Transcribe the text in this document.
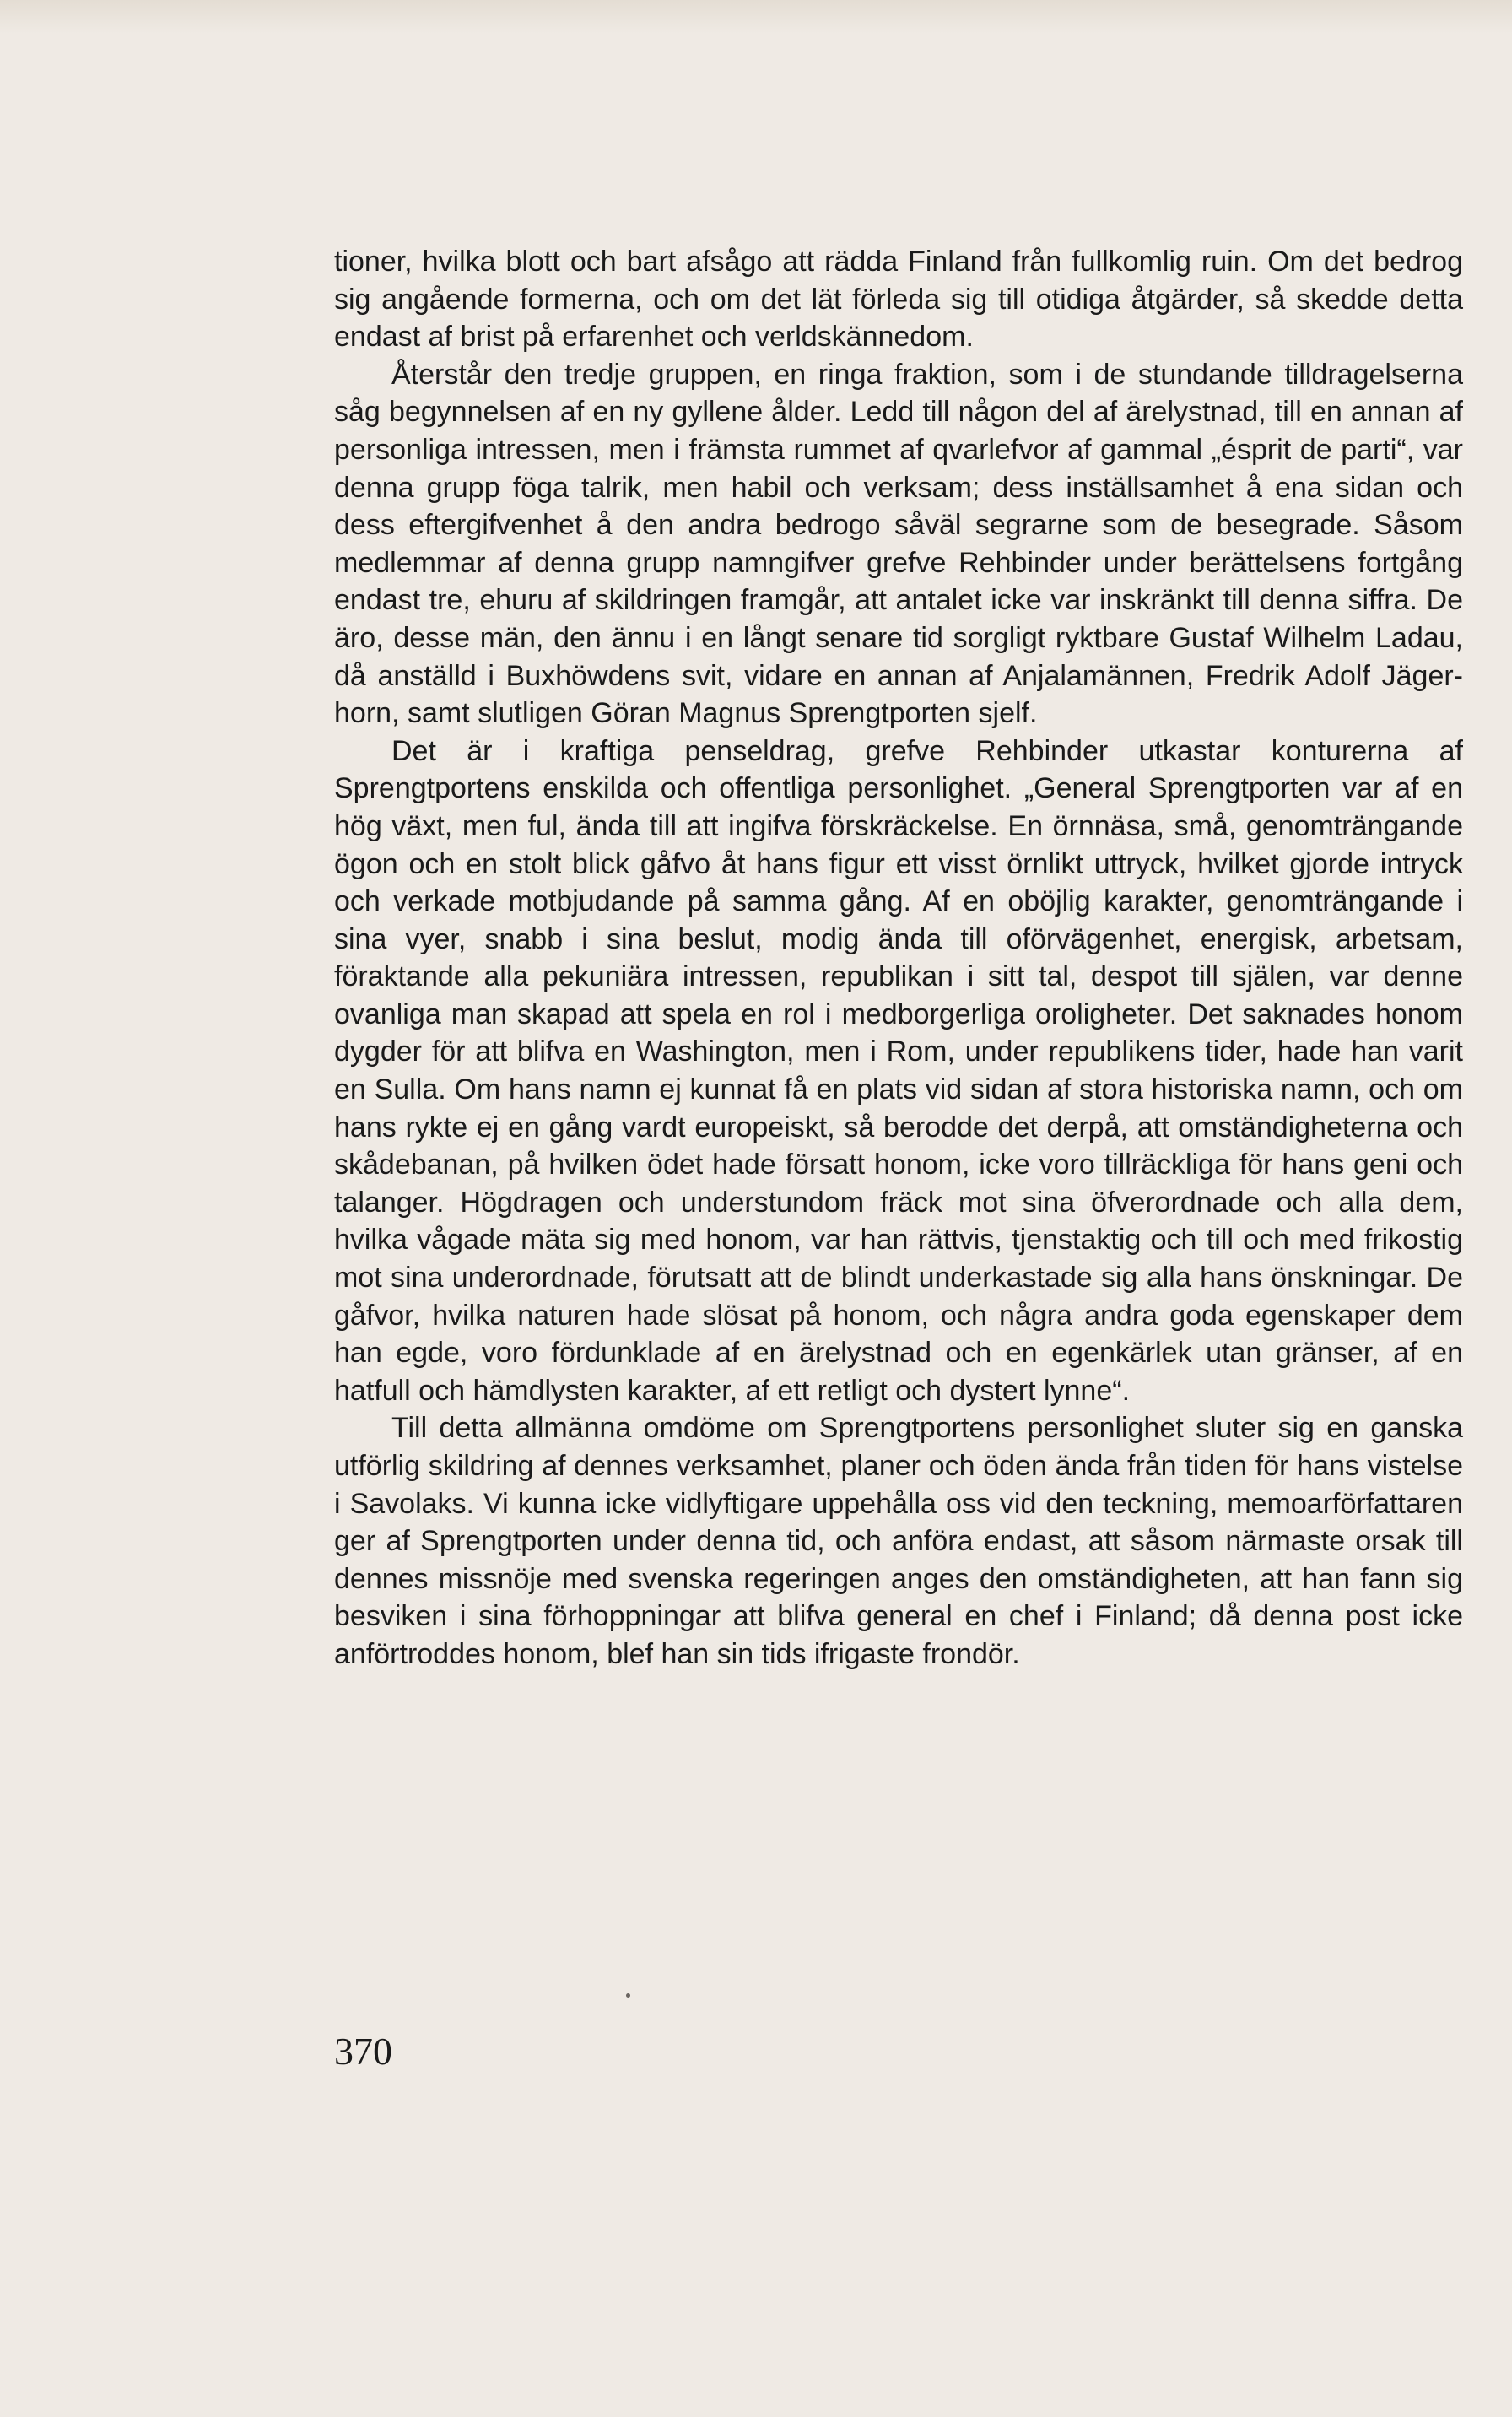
tioner, hvilka blott och bart afsågo att rädda Finland från fullkomlig ruin. Om det bedrog sig angående formerna, och om det lät förleda sig till otidiga åtgärder, så skedde detta endast af brist på erfarenhet och verldskännedom.

Återstår den tredje gruppen, en ringa fraktion, som i de stundande tilldragelserna såg begynnelsen af en ny gyllene ålder. Ledd till någon del af ärelystnad, till en annan af personliga intressen, men i främsta rummet af qvarlefvor af gammal „ésprit de parti“, var denna grupp föga talrik, men habil och verksam; dess inställsamhet å ena sidan och dess eftergifvenhet å den andra bedrogo såväl segrarne som de besegrade. Såsom medlemmar af denna grupp namngifver grefve Rehbinder under berättelsens fortgång endast tre, ehuru af skildringen framgår, att antalet icke var inskränkt till denna siffra. De äro, desse män, den ännu i en långt senare tid sorgligt ryktbare Gustaf Wilhelm Ladau, då anställd i Buxhöwdens svit, vidare en annan af Anjalamännen, Fredrik Adolf Jägerhorn, samt slutligen Göran Magnus Sprengtporten sjelf.

Det är i kraftiga penseldrag, grefve Rehbinder utkastar konturerna af Sprengtportens enskilda och offentliga personlighet. „General Sprengtporten var af en hög växt, men ful, ända till att ingifva förskräckelse. En örnnäsa, små, genomträngande ögon och en stolt blick gåfvo åt hans figur ett visst örnlikt uttryck, hvilket gjorde intryck och verkade motbjudande på samma gång. Af en oböjlig karakter, genomträngande i sina vyer, snabb i sina beslut, modig ända till oförvägenhet, energisk, arbetsam, föraktande alla pekuniära intressen, republikan i sitt tal, despot till själen, var denne ovanliga man skapad att spela en rol i medborgerliga oroligheter. Det saknades honom dygder för att blifva en Washington, men i Rom, under republikens tider, hade han varit en Sulla. Om hans namn ej kunnat få en plats vid sidan af stora historiska namn, och om hans rykte ej en gång vardt europeiskt, så berodde det derpå, att omständigheterna och skådebanan, på hvilken ödet hade försatt honom, icke voro tillräckliga för hans geni och talanger. Högdragen och understundom fräck mot sina öfverordnade och alla dem, hvilka vågade mäta sig med honom, var han rättvis, tjenstaktig och till och med frikostig mot sina underordnade, förutsatt att de blindt underkastade sig alla hans önskningar. De gåfvor, hvilka naturen hade slösat på honom, och några andra goda egenskaper dem han egde, voro fördunklade af en ärelystnad och en egenkärlek utan gränser, af en hatfull och hämdlysten karakter, af ett retligt och dystert lynne“.

Till detta allmänna omdöme om Sprengtportens personlighet sluter sig en ganska utförlig skildring af dennes verksamhet, planer och öden ända från tiden för hans vistelse i Savolaks. Vi kunna icke vidlyftigare uppehålla oss vid den teckning, memoarförfattaren ger af Sprengtporten under denna tid, och anföra endast, att såsom närmaste orsak till dennes missnöje med svenska regeringen anges den omständigheten, att han fann sig besviken i sina förhoppningar att blifva general en chef i Finland; då denna post icke anförtroddes honom, blef han sin tids ifrigaste frondör.

370
